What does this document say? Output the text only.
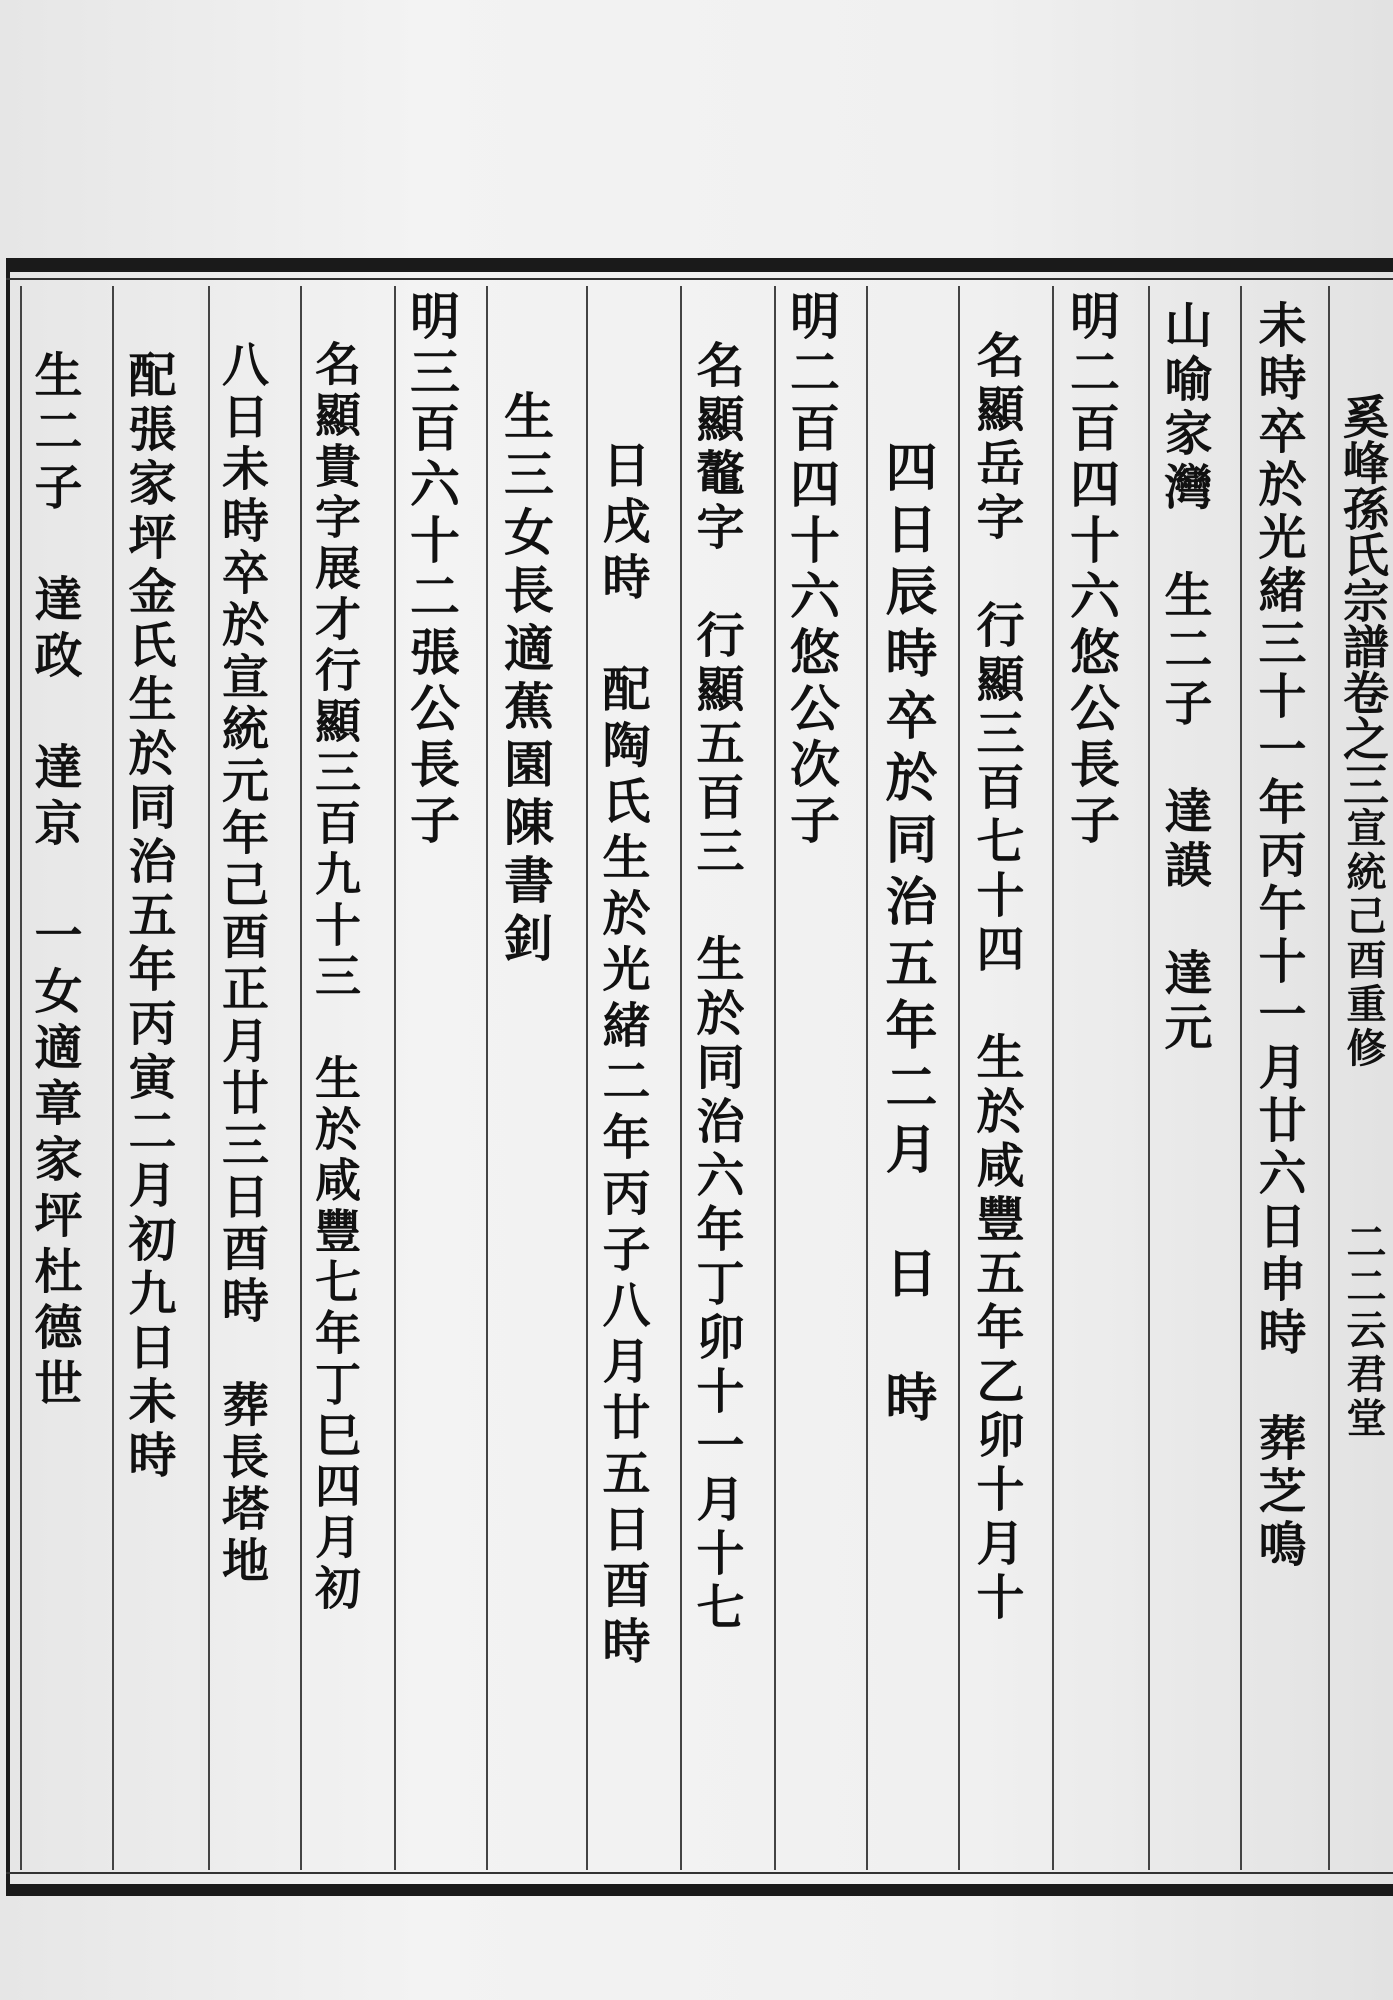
奚峰孫氏宗譜卷之三宣統己酉重修二二云君堂

未時卒於光緒三十一年丙午十一月廿六日申時　葬芝鳴
山喻家灣　生二子　達謨　達元
明二百四十六悠公長子
名顯岳字　行顯三百七十四　生於咸豐五年乙卯十月十
四日辰時卒於同治五年二月　日　時
明二百四十六悠公次子
名顯鼇字　行顯五百三　生於同治六年丁卯十一月十七
日戌時　配陶氏生於光緒二年丙子八月廿五日酉時
生三女長適蕉園陳書釗
明三百六十二張公長子
名顯貴字展才行顯三百九十三　生於咸豐七年丁巳四月初
八日未時卒於宣統元年己酉正月廿三日酉時　葬長塔地
配張家坪金氏生於同治五年丙寅二月初九日未時
生二子　達政　達京　一女適章家坪杜德世
